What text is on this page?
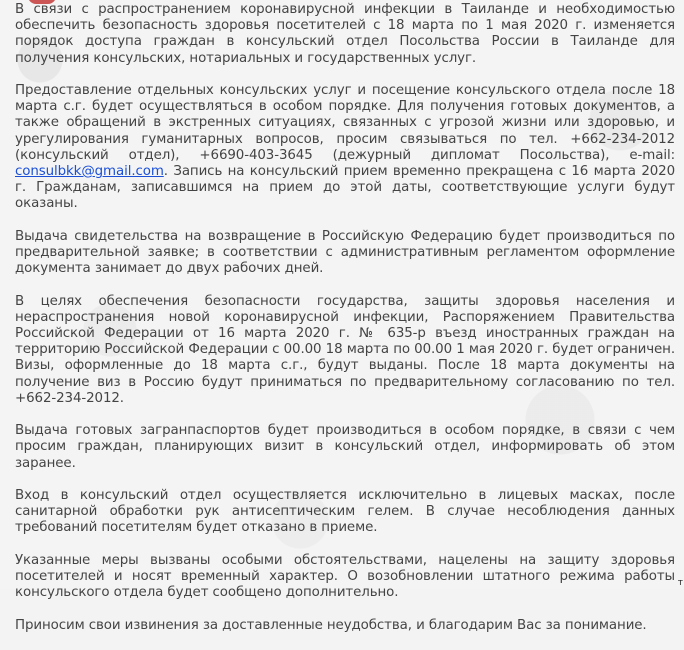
В связи с распространением коронавирусной инфекции в Таиланде и необходимостью обеспечить безопасность здоровья посетителей с 18 марта по 1 мая 2020 г. изменяется порядок доступа граждан в консульский отдел Посольства России в Таиланде для получения консульских, нотариальных и государственных услуг.

Предоставление отдельных консульских услуг и посещение консульского отдела после 18 марта с.г. будет осуществляться в особом порядке. Для получения готовых документов, а также обращений в экстренных ситуациях, связанных с угрозой жизни или здоровью, и урегулирования гуманитарных вопросов, просим связываться по тел. +662-234-2012 (консульский отдел), +6690-403-3645 (дежурный дипломат Посольства), e-mail: consulbkk@gmail.com. Запись на консульский прием временно прекращена с 16 марта 2020 г. Гражданам, записавшимся на прием до этой даты, соответствующие услуги будут оказаны.

Выдача свидетельства на возвращение в Российскую Федерацию будет производиться по предварительной заявке; в соответствии с административным регламентом оформление документа занимает до двух рабочих дней.

В целях обеспечения безопасности государства, защиты здоровья населения и нераспространения новой коронавирусной инфекции, Распоряжением Правительства Российской Федерации от 16 марта 2020 г. № 635-р въезд иностранных граждан на территорию Российской Федерации с 00.00 18 марта по 00.00 1 мая 2020 г. будет ограничен. Визы, оформленные до 18 марта с.г., будут выданы. После 18 марта документы на получение виз в Россию будут приниматься по предварительному согласованию по тел. +662-234-2012.

Выдача готовых загранпаспортов будет производиться в особом порядке, в связи с чем просим граждан, планирующих визит в консульский отдел, информировать об этом заранее.

Вход в консульский отдел осуществляется исключительно в лицевых масках, после санитарной обработки рук антисептическим гелем. В случае несоблюдения данных требований посетителям будет отказано в приеме.

Указанные меры вызваны особыми обстоятельствами, нацелены на защиту здоровья посетителей и носят временный характер. О возобновлении штатного режима работы консульского отдела будет сообщено дополнительно.

Приносим свои извинения за доставленные неудобства, и благодарим Вас за понимание.

т
